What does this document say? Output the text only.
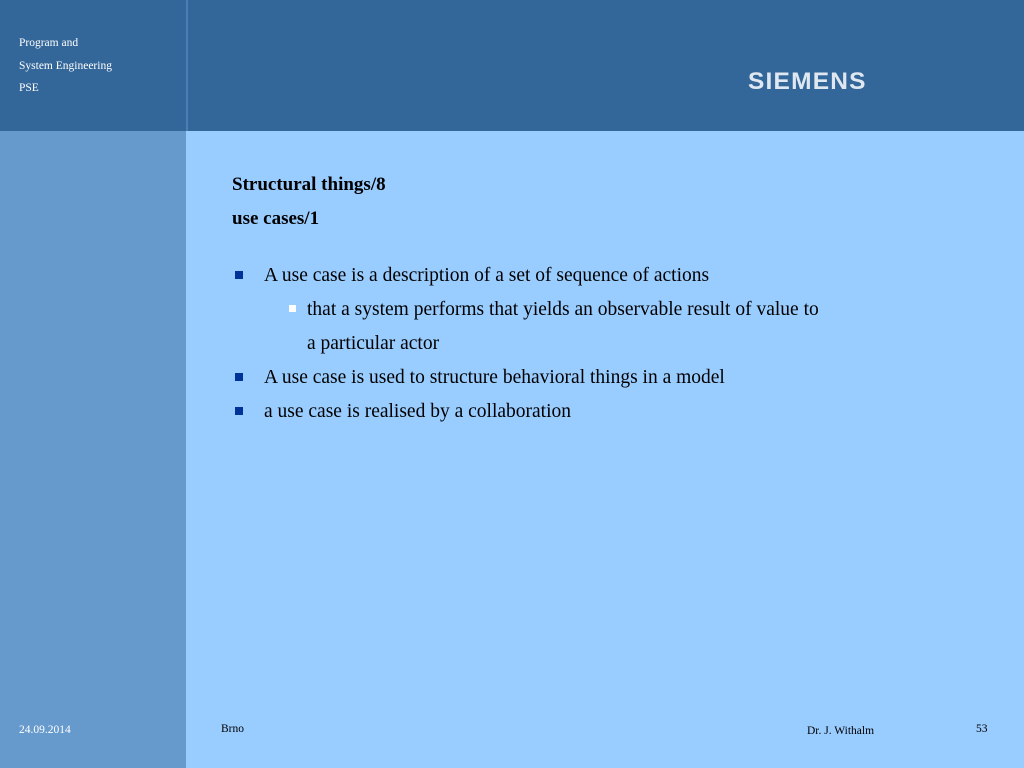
Program and
System Engineering
PSE	SIEMENS
Structural things/8
use cases/1
A use case is a description of a set of sequence of actions
that a system performs that yields an observable result of value to
a particular actor
A use case is used to structure behavioral things in a model
a use case is realised by a collaboration
24.09.2014	Brno	Dr. J. Withalm	53
